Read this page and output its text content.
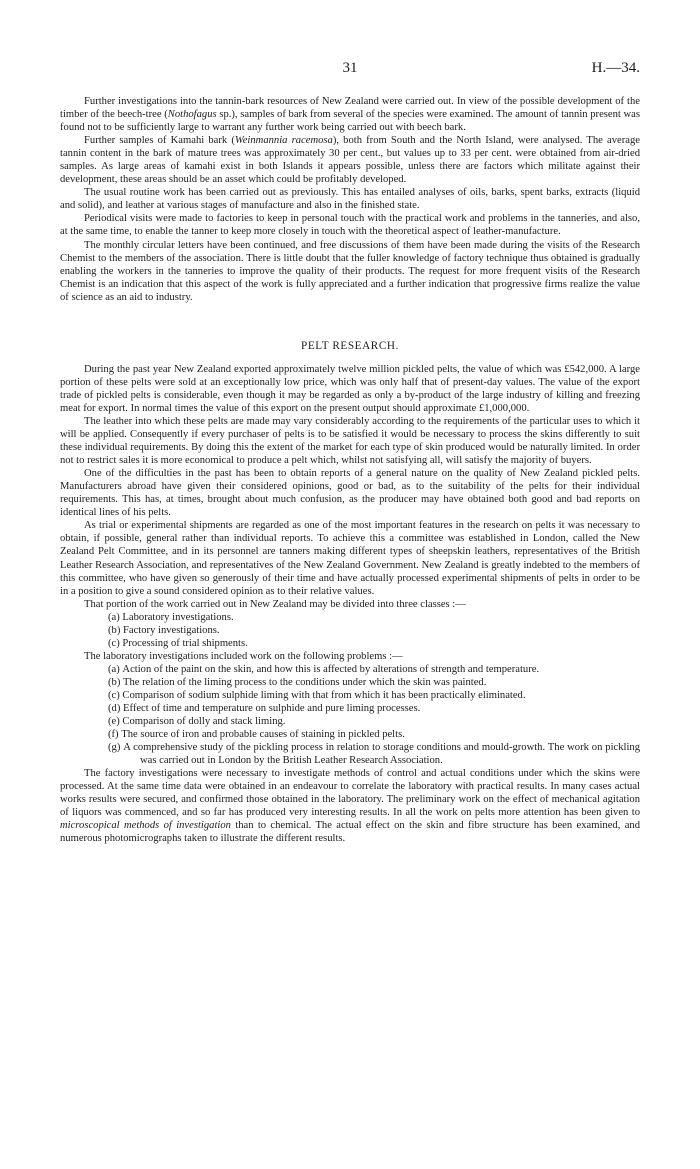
31	H.—34.

Further investigations into the tannin-bark resources of New Zealand were carried out. In view of the possible development of the timber of the beech-tree (Nothofagus sp.), samples of bark from several of the species were examined. The amount of tannin present was found not to be sufficiently large to warrant any further work being carried out with beech bark.

Further samples of Kamahi bark (Weinmannia racemosa), both from South and the North Island, were analysed. The average tannin content in the bark of mature trees was approximately 30 per cent., but values up to 33 per cent. were obtained from air-dried samples. As large areas of kamahi exist in both Islands it appears possible, unless there are factors which militate against their development, these areas should be an asset which could be profitably developed.

The usual routine work has been carried out as previously. This has entailed analyses of oils, barks, spent barks, extracts (liquid and solid), and leather at various stages of manufacture and also in the finished state.

Periodical visits were made to factories to keep in personal touch with the practical work and problems in the tanneries, and also, at the same time, to enable the tanner to keep more closely in touch with the theoretical aspect of leather-manufacture.

The monthly circular letters have been continued, and free discussions of them have been made during the visits of the Research Chemist to the members of the association. There is little doubt that the fuller knowledge of factory technique thus obtained is gradually enabling the workers in the tanneries to improve the quality of their products. The request for more frequent visits of the Research Chemist is an indication that this aspect of the work is fully appreciated and a further indication that progressive firms realize the value of science as an aid to industry.

PELT RESEARCH.

During the past year New Zealand exported approximately twelve million pickled pelts, the value of which was £542,000. A large portion of these pelts were sold at an exceptionally low price, which was only half that of present-day values. The value of the export trade of pickled pelts is considerable, even though it may be regarded as only a by-product of the large industry of killing and freezing meat for export. In normal times the value of this export on the present output should approximate £1,000,000.

The leather into which these pelts are made may vary considerably according to the requirements of the particular uses to which it will be applied. Consequently if every purchaser of pelts is to be satisfied it would be necessary to process the skins differently to suit these individual requirements. By doing this the extent of the market for each type of skin produced would be naturally limited. In order not to restrict sales it is more economical to produce a pelt which, whilst not satisfying all, will satisfy the majority of buyers.

One of the difficulties in the past has been to obtain reports of a general nature on the quality of New Zealand pickled pelts. Manufacturers abroad have given their considered opinions, good or bad, as to the suitability of the pelts for their individual requirements. This has, at times, brought about much confusion, as the producer may have obtained both good and bad reports on identical lines of his pelts.

As trial or experimental shipments are regarded as one of the most important features in the research on pelts it was necessary to obtain, if possible, general rather than individual reports. To achieve this a committee was established in London, called the New Zealand Pelt Committee, and in its personnel are tanners making different types of sheepskin leathers, representatives of the British Leather Research Association, and representatives of the New Zealand Government. New Zealand is greatly indebted to the members of this committee, who have given so generously of their time and have actually processed experimental shipments of pelts in order to be in a position to give a sound considered opinion as to their relative values.

That portion of the work carried out in New Zealand may be divided into three classes :—

(a) Laboratory investigations.
(b) Factory investigations.
(c) Processing of trial shipments.

The laboratory investigations included work on the following problems :—

(a) Action of the paint on the skin, and how this is affected by alterations of strength and temperature.
(b) The relation of the liming process to the conditions under which the skin was painted.
(c) Comparison of sodium sulphide liming with that from which it has been practically eliminated.
(d) Effect of time and temperature on sulphide and pure liming processes.
(e) Comparison of dolly and stack liming.
(f) The source of iron and probable causes of staining in pickled pelts.
(g) A comprehensive study of the pickling process in relation to storage conditions and mould-growth. The work on pickling was carried out in London by the British Leather Research Association.

The factory investigations were necessary to investigate methods of control and actual conditions under which the skins were processed. At the same time data were obtained in an endeavour to correlate the laboratory with practical results. In many cases actual works results were secured, and confirmed those obtained in the laboratory. The preliminary work on the effect of mechanical agitation of liquors was commenced, and so far has produced very interesting results. In all the work on pelts more attention has been given to microscopical methods of investigation than to chemical. The actual effect on the skin and fibre structure has been examined, and numerous photomicrographs taken to illustrate the different results.
